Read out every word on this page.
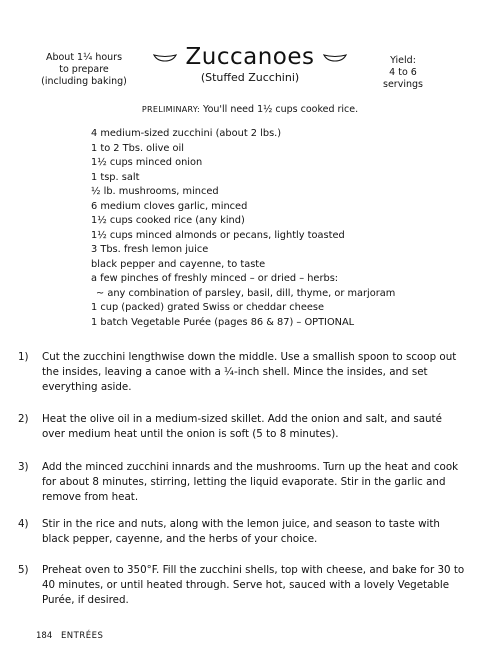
About 1¼ hours
to prepare
(including baking)
Zuccanoes
(Stuffed Zucchini)
Yield:
4 to 6
servings
PRELIMINARY: You'll need 1½ cups cooked rice.
4 medium-sized zucchini (about 2 lbs.)
1 to 2 Tbs. olive oil
1½ cups minced onion
1 tsp. salt
½ lb. mushrooms, minced
6 medium cloves garlic, minced
1½ cups cooked rice (any kind)
1½ cups minced almonds or pecans, lightly toasted
3 Tbs. fresh lemon juice
black pepper and cayenne, to taste
a few pinches of freshly minced – or dried – herbs:
~ any combination of parsley, basil, dill, thyme, or marjoram
1 cup (packed) grated Swiss or cheddar cheese
1 batch Vegetable Purée (pages 86 & 87) – OPTIONAL
1)	Cut the zucchini lengthwise down the middle. Use a smallish spoon to scoop out the insides, leaving a canoe with a ¼-inch shell. Mince the insides, and set everything aside.
2)	Heat the olive oil in a medium-sized skillet. Add the onion and salt, and sauté over medium heat until the onion is soft (5 to 8 minutes).
3)	Add the minced zucchini innards and the mushrooms. Turn up the heat and cook for about 8 minutes, stirring, letting the liquid evaporate. Stir in the garlic and remove from heat.
4)	Stir in the rice and nuts, along with the lemon juice, and season to taste with black pepper, cayenne, and the herbs of your choice.
5)	Preheat oven to 350°F. Fill the zucchini shells, top with cheese, and bake for 30 to 40 minutes, or until heated through. Serve hot, sauced with a lovely Vegetable Purée, if desired.
184 ENTRÉES
